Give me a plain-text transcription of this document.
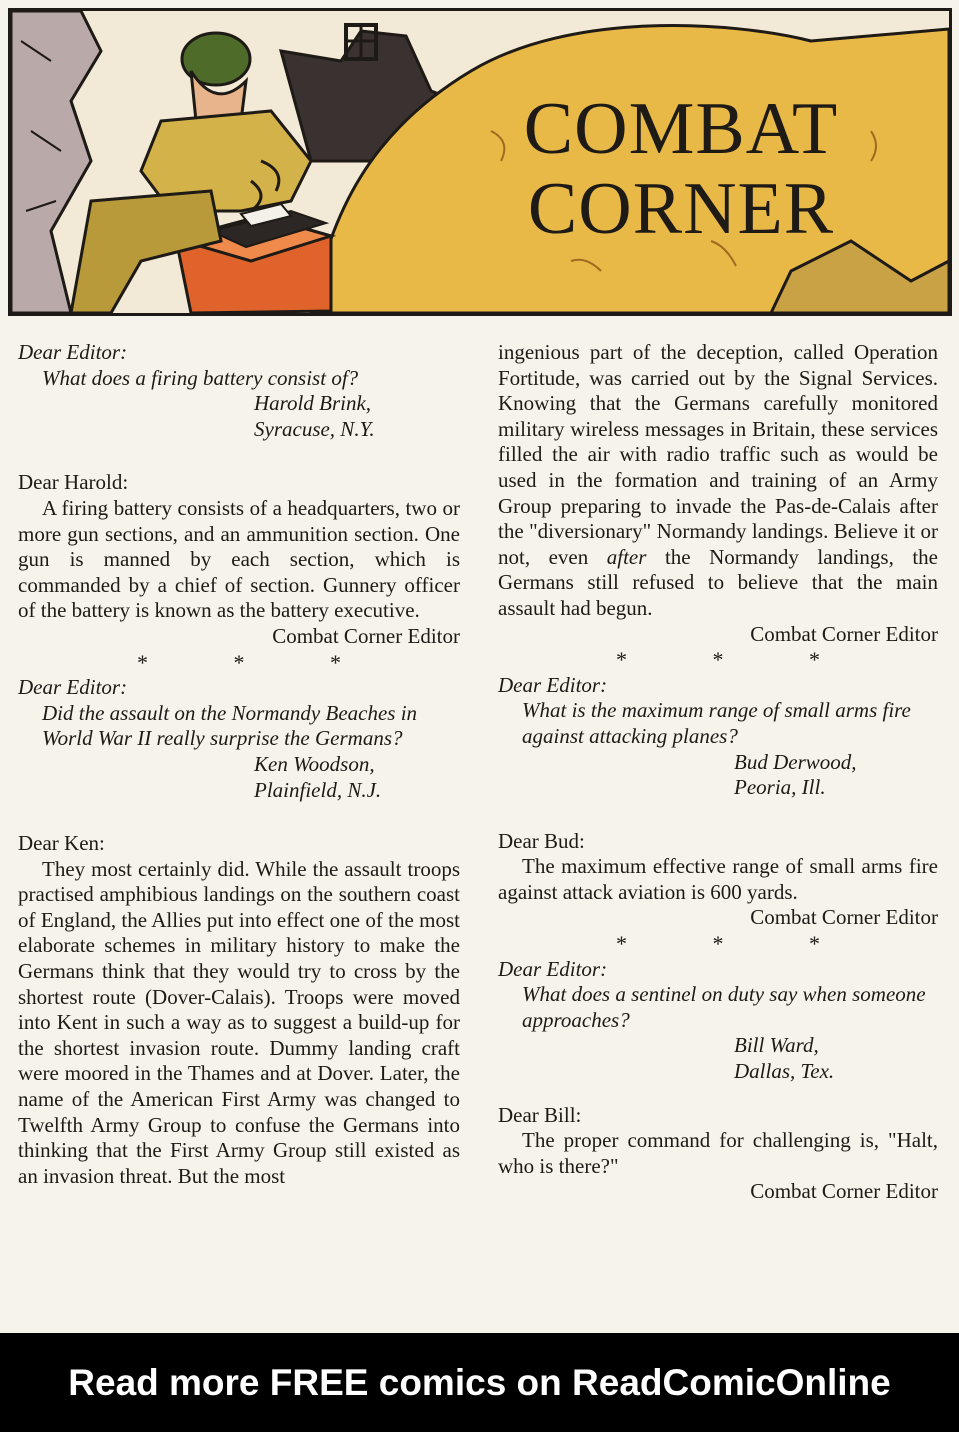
COMBAT
CORNER

Dear Editor:

What does a firing battery consist of?

Harold Brink,

Syracuse, N.Y.

Dear Harold:

A firing battery consists of a headquarters, two or more gun sections, and an ammunition section. One gun is manned by each section, which is commanded by a chief of section. Gunnery officer of the battery is known as the battery executive.

Combat Corner Editor

* * *

Dear Editor:

Did the assault on the Normandy Beaches in World War II really surprise the Germans?

Ken Woodson,

Plainfield, N.J.

Dear Ken:

They most certainly did. While the assault troops practised amphibious landings on the southern coast of England, the Allies put into effect one of the most elaborate schemes in military history to make the Germans think that they would try to cross by the shortest route (Dover-Calais). Troops were moved into Kent in such a way as to suggest a build-up for the shortest invasion route. Dummy landing craft were moored in the Thames and at Dover. Later, the name of the American First Army was changed to Twelfth Army Group to confuse the Germans into thinking that the First Army Group still existed as an invasion threat. But the most

ingenious part of the deception, called Operation Fortitude, was carried out by the Signal Services. Knowing that the Germans carefully monitored military wireless messages in Britain, these services filled the air with radio traffic such as would be used in the formation and training of an Army Group preparing to invade the Pas-de-Calais after the "diversionary" Normandy landings. Believe it or not, even after the Normandy landings, the Germans still refused to believe that the main assault had begun.

Combat Corner Editor

* * *

Dear Editor:

What is the maximum range of small arms fire against attacking planes?

Bud Derwood,

Peoria, Ill.

Dear Bud:

The maximum effective range of small arms fire against attack aviation is 600 yards.

Combat Corner Editor

* * *

Dear Editor:

What does a sentinel on duty say when someone approaches?

Bill Ward,

Dallas, Tex.

Dear Bill:

The proper command for challenging is, "Halt, who is there?"

Combat Corner Editor

Read more FREE comics on ReadComicOnline
